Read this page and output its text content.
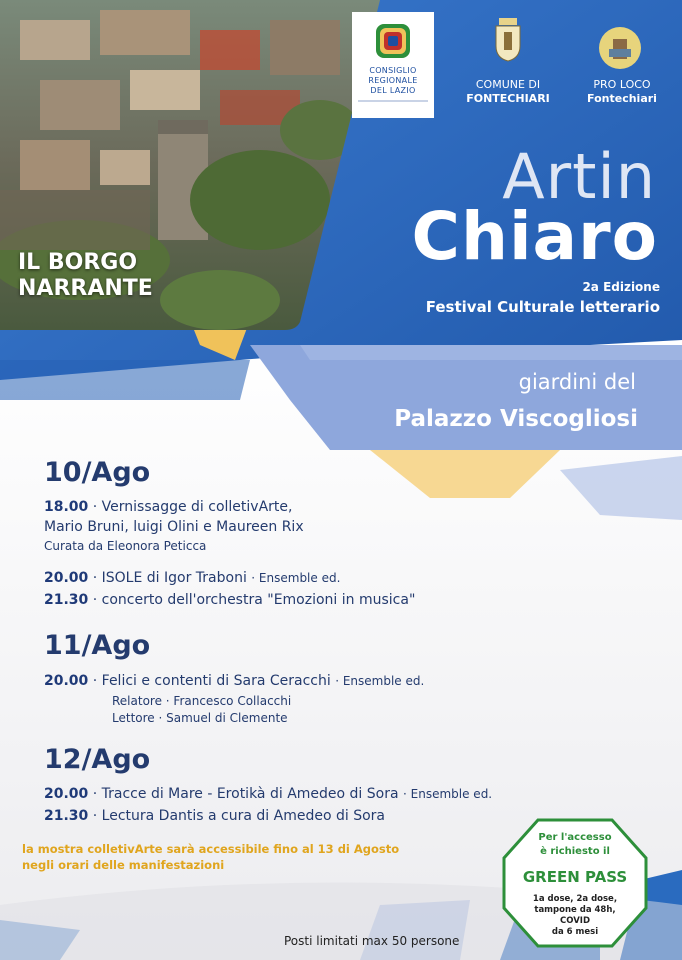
IL BORGO
NARRANTE
CONSIGLIO
REGIONALE
DEL LAZIO	COMUNE DI
FONTECHIARI
PRO LOCO
Fontechiari
Artin
Chiaro
2a Edizione
Festival Culturale letterario
giardini del
Palazzo Viscogliosi
10/Ago
18.00 · Vernissagge di colletivArte,
Mario Bruni, luigi Olini e Maureen Rix
Curata da Eleonora Peticca
20.00 · ISOLE di Igor Traboni · Ensemble ed.
21.30 · concerto dell'orchestra "Emozioni in musica"
11/Ago
20.00 · Felici e contenti di Sara Ceracchi · Ensemble ed.
Relatore · Francesco Collacchi
Lettore · Samuel di Clemente
12/Ago
20.00 · Tracce di Mare - Erotikà di Amedeo di Sora · Ensemble ed.
21.30 · Lectura Dantis a cura di Amedeo di Sora
la mostra colletivArte sarà accessibile fino al 13 di Agosto
negli orari delle manifestazioni
Per l'accesso
è richiesto il
GREEN PASS
1a dose, 2a dose,
tampone da 48h,
COVID
da 6 mesi
Posti limitati max 50 persone
